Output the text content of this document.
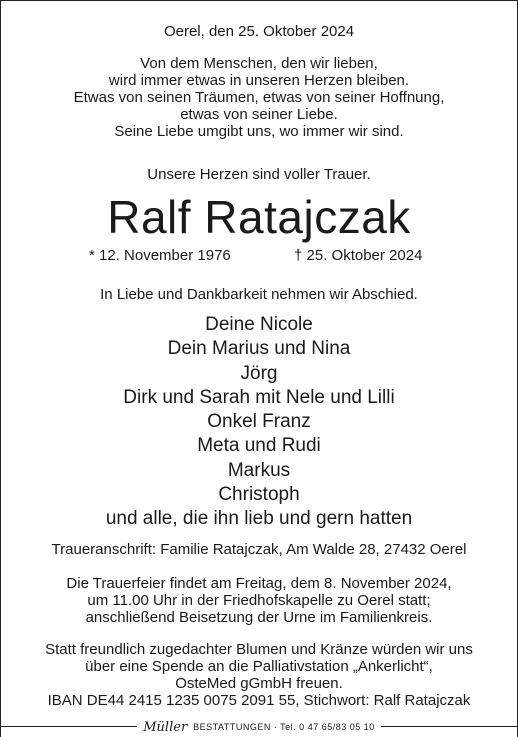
Oerel, den 25. Oktober 2024
Von dem Menschen, den wir lieben,
wird immer etwas in unseren Herzen bleiben.
Etwas von seinen Träumen, etwas von seiner Hoffnung,
etwas von seiner Liebe.
Seine Liebe umgibt uns, wo immer wir sind.
Unsere Herzen sind voller Trauer.
Ralf Ratajczak
* 12. November 1976	† 25. Oktober 2024
In Liebe und Dankbarkeit nehmen wir Abschied.
Deine Nicole
Dein Marius und Nina
Jörg
Dirk und Sarah mit Nele und Lilli
Onkel Franz
Meta und Rudi
Markus
Christoph
und alle, die ihn lieb und gern hatten
Traueranschrift: Familie Ratajczak, Am Walde 28, 27432 Oerel
Die Trauerfeier findet am Freitag, dem 8. November 2024,
um 11.00 Uhr in der Friedhofskapelle zu Oerel statt;
anschließend Beisetzung der Urne im Familienkreis.
Statt freundlich zugedachter Blumen und Kränze würden wir uns
über eine Spende an die Palliativstation „Ankerlicht“,
OsteMed gGmbH freuen.
IBAN DE44 2415 1235 0075 2091 55, Stichwort: Ralf Ratajczak
Müller BESTATTUNGEN · Tel. 0 47 65/83 05 10
